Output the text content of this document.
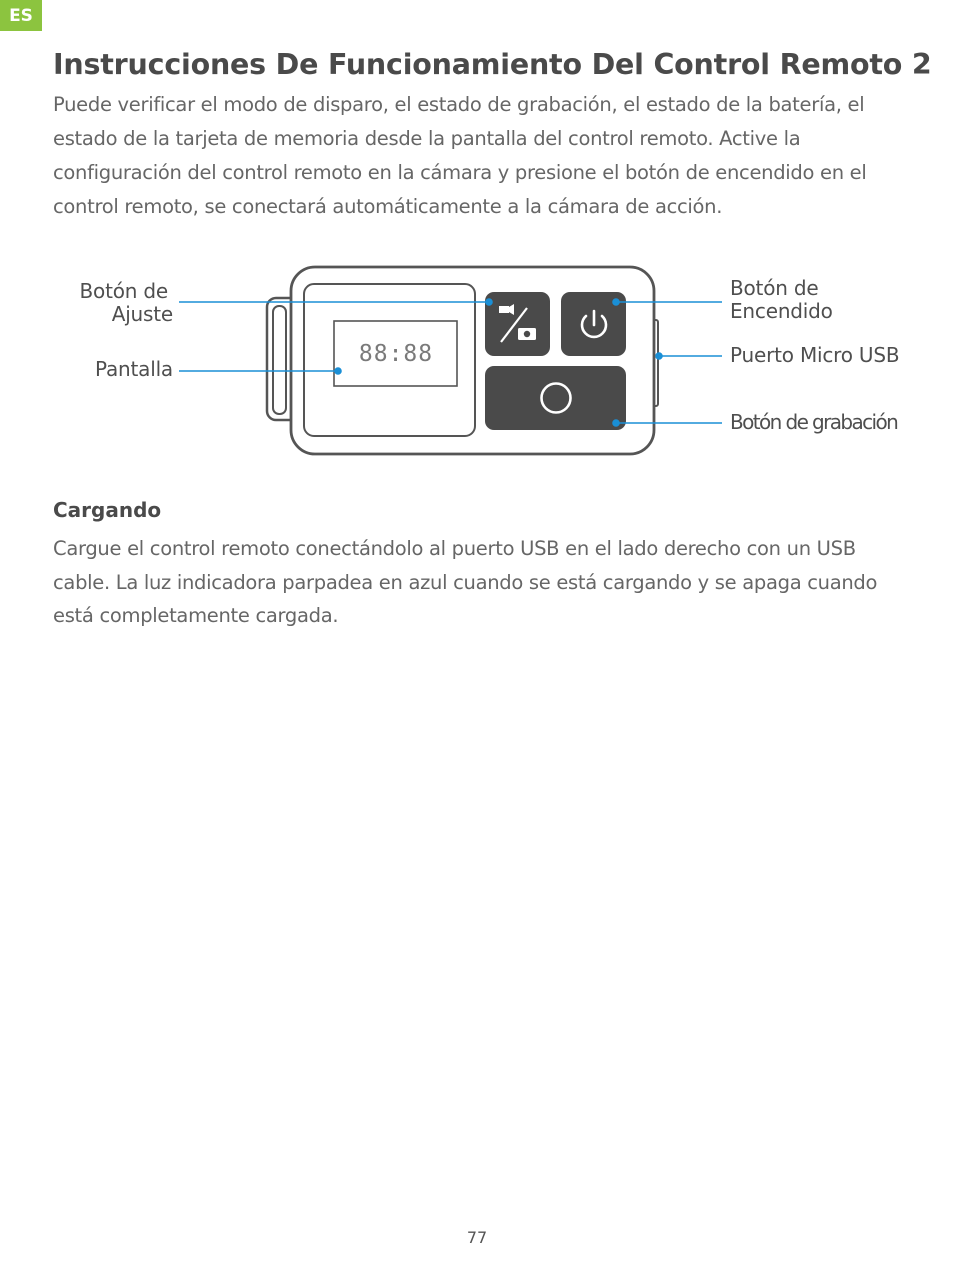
ES
Instrucciones De Funcionamiento Del Control Remoto 2

Puede verificar el modo de disparo, el estado de grabación, el estado de la batería, el estado de la tarjeta de memoria desde la pantalla del control remoto. Active la configuración del control remoto en la cámara y presione el botón de encendido en el control remoto, se conectará automáticamente a la cámara de acción.

88:88
Botón de
Ajuste
Pantalla
Botón de
Encendido
Puerto Micro USB
Botón de grabación
Cargando

Cargue el control remoto conectándolo al puerto USB en el lado derecho con un USB cable. La luz indicadora parpadea en azul cuando se está cargando y se apaga cuando está completamente cargada.

77
